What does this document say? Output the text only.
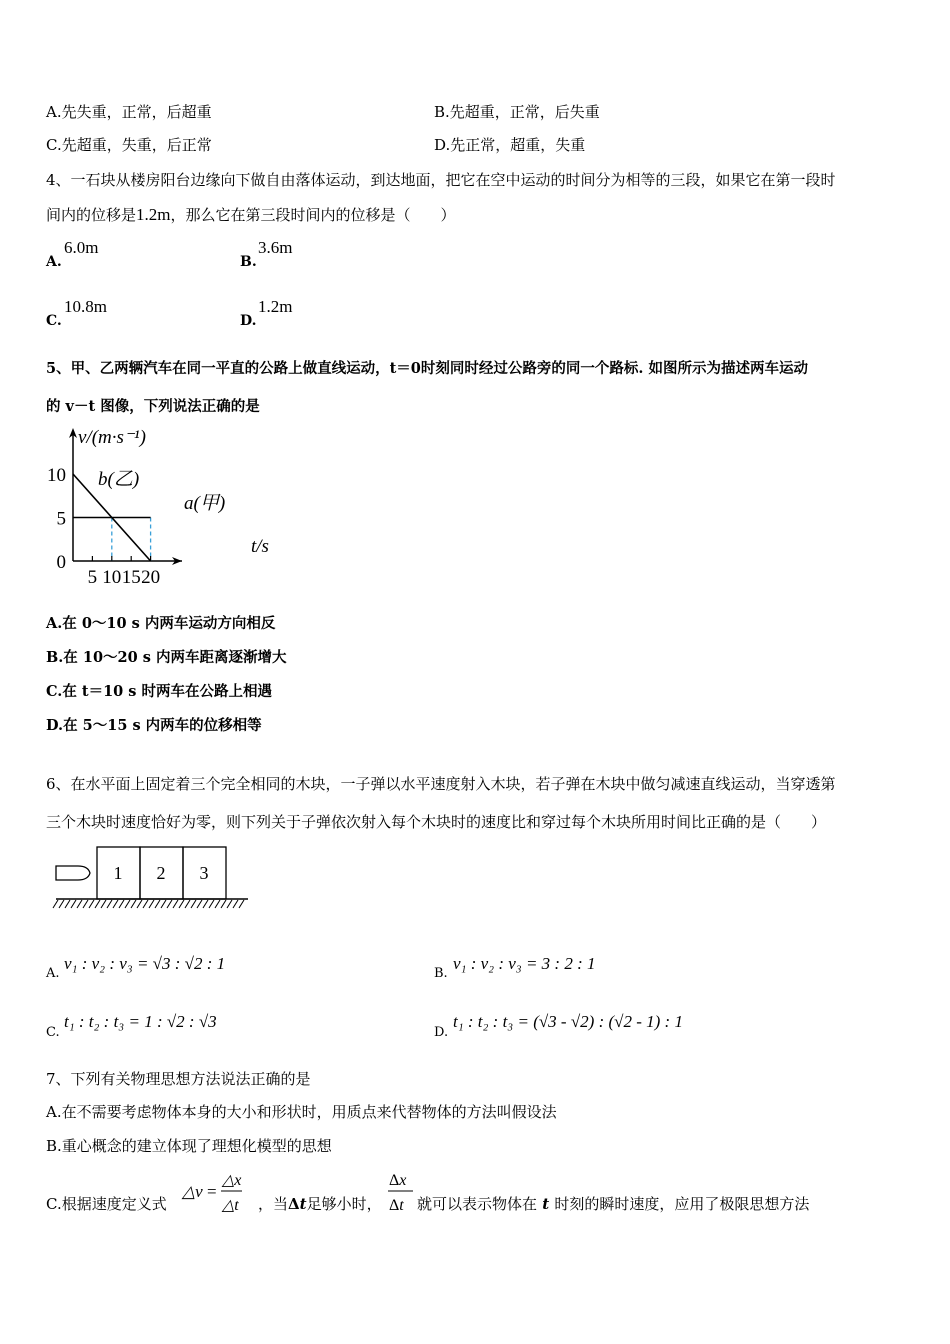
A.先失重，正常，后超重	B.先超重，正常，后失重
C.先超重，失重，后正常	D.先正常，超重，失重
4、一石块从楼房阳台边缘向下做自由落体运动，到达地面，把它在空中运动的时间分为相等的三段，如果它在第一段时
间内的位移是1.2m，那么它在第三段时间内的位移是（　　）
A.
6.0m
B.
3.6m
C.
10.8m
D.
1.2m
5、甲、乙两辆汽车在同一平直的公路上做直线运动，t＝0时刻同时经过公路旁的同一个路标. 如图所示为描述两车运动
的 v－t 图像，下列说法正确的是
5 10 15 20
10
5
0
v/(m·s⁻¹)
t/s
b(乙)
a(甲)
A.在 0～10 s 内两车运动方向相反
B.在 10～20 s 内两车距离逐渐增大
C.在 t＝10 s 时两车在公路上相遇
D.在 5～15 s 内两车的位移相等
6、在水平面上固定着三个完全相同的木块，一子弹以水平速度射入木块，若子弹在木块中做匀减速直线运动，当穿透第
三个木块时速度恰好为零，则下列关于子弹依次射入每个木块时的速度比和穿过每个木块所用时间比正确的是（　　）
1 2 3
A.
v₁ : v₂ : v₃ = √3 : √2 : 1
B.
v₁ : v₂ : v₃ = 3 : 2 : 1
C.
t₁ : t₂ : t₃ = 1 : √2 : √3
D.
t₁ : t₂ : t₃ = (√3 - √2) : (√2 - 1) : 1
7、下列有关物理思想方法说法正确的是
A.在不需要考虑物体本身的大小和形状时，用质点来代替物体的方法叫假设法
B.重心概念的建立体现了理想化模型的思想
C.根据速度定义式
△v =
△x
△t ，当Δt足够小时，
Δx
Δt 就可以表示物体在 t 时刻的瞬时速度，应用了极限思想方法
